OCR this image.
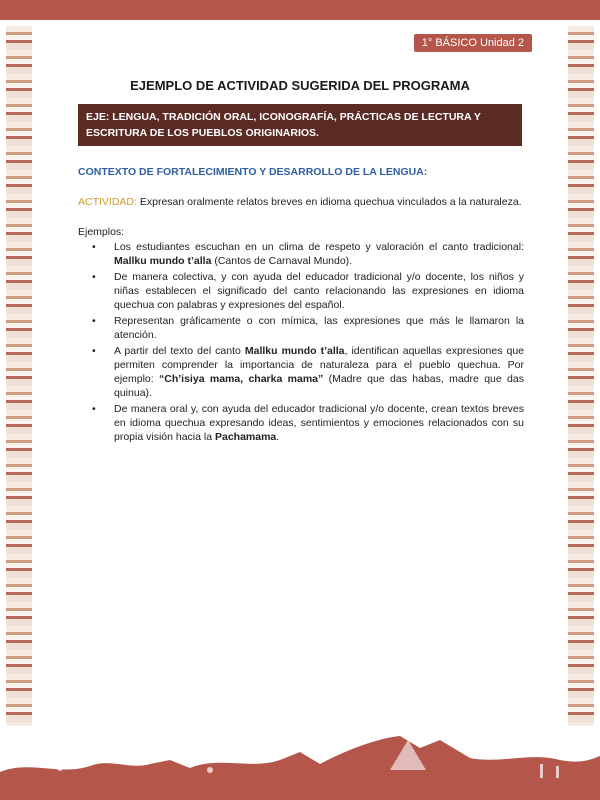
1° BÁSICO Unidad 2
EJEMPLO DE ACTIVIDAD SUGERIDA DEL PROGRAMA
EJE: LENGUA, TRADICIÓN ORAL, ICONOGRAFÍA, PRÁCTICAS DE LECTURA Y ESCRITURA DE LOS PUEBLOS ORIGINARIOS.
CONTEXTO DE FORTALECIMIENTO Y DESARROLLO DE LA LENGUA:
ACTIVIDAD: Expresan oralmente relatos breves en idioma quechua vinculados a la naturaleza.
Ejemplos:
• Los estudiantes escuchan en un clima de respeto y valoración el canto tradicional: Mallku mundo t’alla (Cantos de Carnaval Mundo).
• De manera colectiva, y con ayuda del educador tradicional y/o docente, los niños y niñas establecen el significado del canto relacionando las expresiones en idioma quechua con palabras y expresiones del español.
• Representan gráficamente o con mímica, las expresiones que más le llamaron la atención.
• A partir del texto del canto Mallku mundo t’alla, identifican aquellas expresiones que permiten comprender la importancia de naturaleza para el pueblo quechua. Por ejemplo: “Ch’isiya mama, charka mama” (Madre que das habas, madre que das quinua).
• De manera oral y, con ayuda del educador tradicional y/o docente, crean textos breves en idioma quechua expresando ideas, sentimientos y emociones relacionados con su propia visión hacia la Pachamama.
